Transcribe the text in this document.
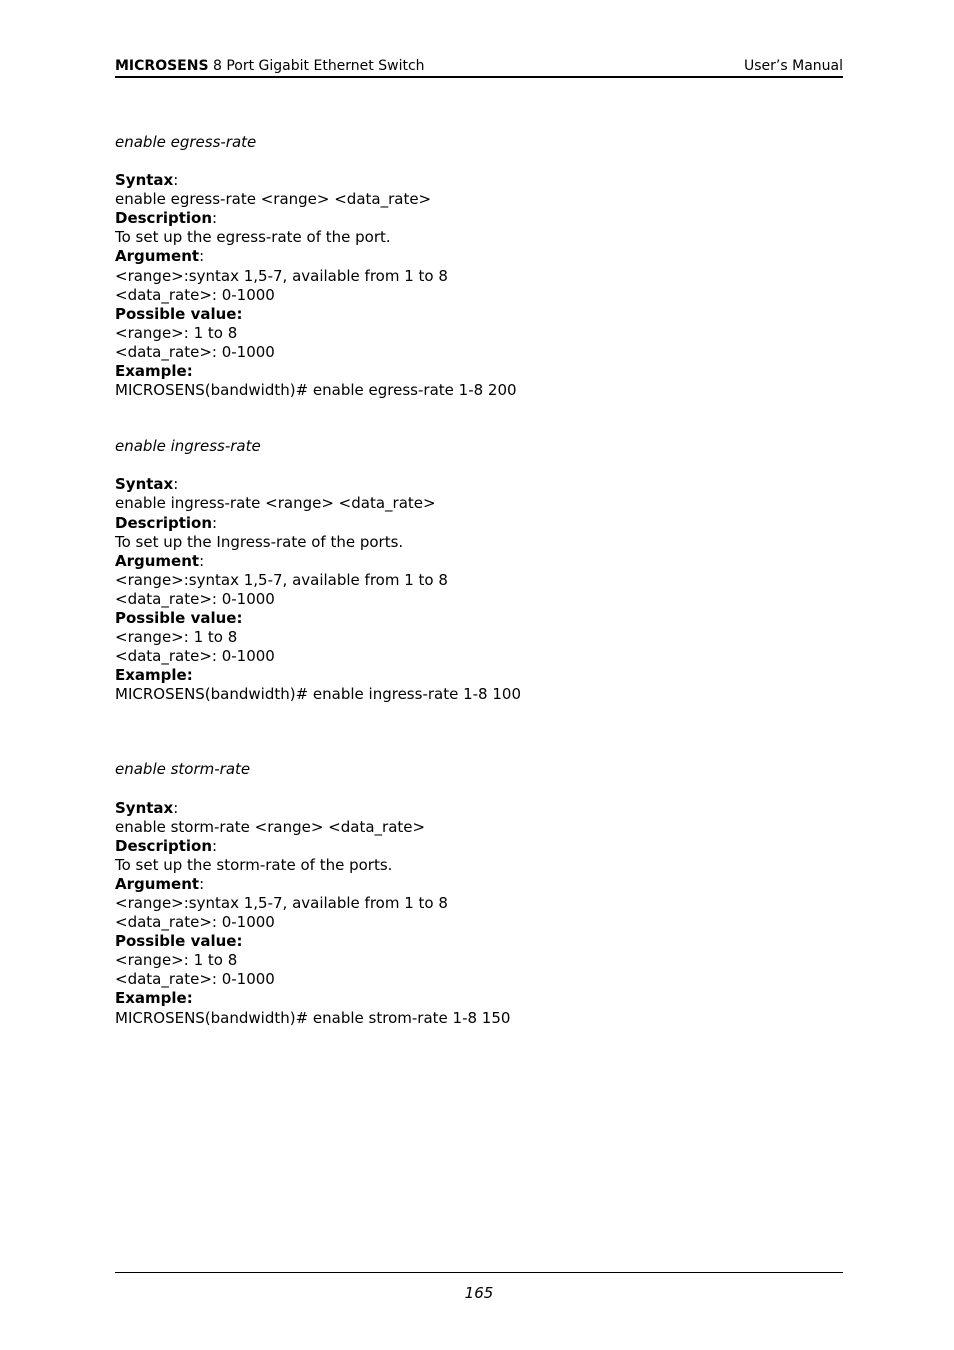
MICROSENS 8 Port Gigabit Ethernet Switch	User’s Manual
enable egress-rate
Syntax:
enable egress-rate <range> <data_rate>
Description:
To set up the egress-rate of the port.
Argument:
<range>:syntax 1,5-7, available from 1 to 8
<data_rate>: 0-1000
Possible value:
<range>: 1 to 8
<data_rate>: 0-1000
Example:
MICROSENS(bandwidth)# enable egress-rate 1-8 200
enable ingress-rate
Syntax:
enable ingress-rate <range> <data_rate>
Description:
To set up the Ingress-rate of the ports.
Argument:
<range>:syntax 1,5-7, available from 1 to 8
<data_rate>: 0-1000
Possible value:
<range>: 1 to 8
<data_rate>: 0-1000
Example:
MICROSENS(bandwidth)# enable ingress-rate 1-8 100
enable storm-rate
Syntax:
enable storm-rate <range> <data_rate>
Description:
To set up the storm-rate of the ports.
Argument:
<range>:syntax 1,5-7, available from 1 to 8
<data_rate>: 0-1000
Possible value:
<range>: 1 to 8
<data_rate>: 0-1000
Example:
MICROSENS(bandwidth)# enable strom-rate 1-8 150
165
